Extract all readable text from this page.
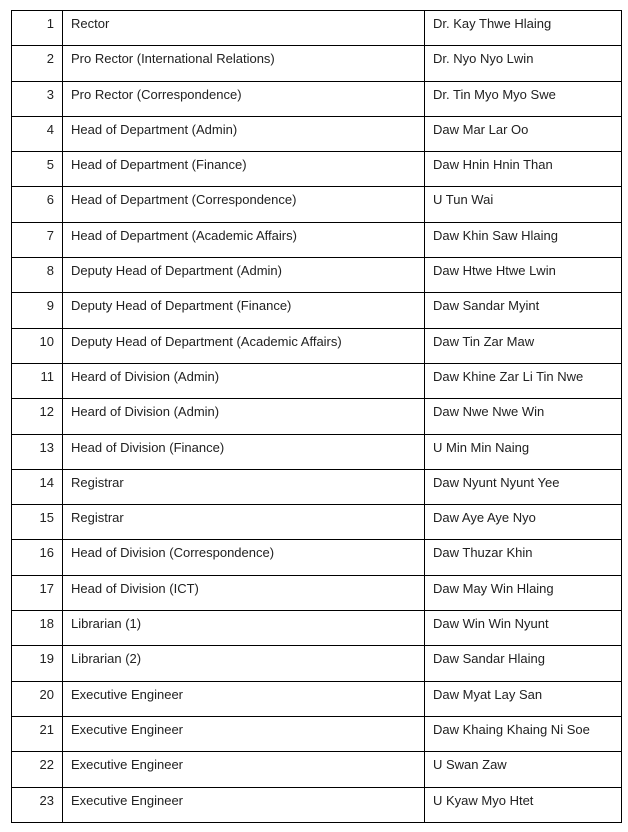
1	Rector	Dr. Kay Thwe Hlaing
2	Pro Rector (International Relations)	Dr. Nyo Nyo Lwin
3	Pro Rector (Correspondence)	Dr. Tin Myo Myo Swe
4	Head of Department (Admin)	Daw Mar Lar Oo
5	Head of Department (Finance)	Daw Hnin Hnin Than
6	Head of Department (Correspondence)	U Tun Wai
7	Head of Department (Academic Affairs)	Daw Khin Saw Hlaing
8	Deputy Head of Department (Admin)	Daw Htwe Htwe Lwin
9	Deputy Head of Department (Finance)	Daw Sandar Myint
10	Deputy Head of Department (Academic Affairs)	Daw Tin Zar Maw
11	Heard of Division (Admin)	Daw Khine Zar Li Tin Nwe
12	Heard of Division (Admin)	Daw Nwe Nwe Win
13	Head of Division (Finance)	U Min Min Naing
14	Registrar	Daw Nyunt Nyunt Yee
15	Registrar	Daw Aye Aye Nyo
16	Head of Division (Correspondence)	Daw Thuzar Khin
17	Head of Division (ICT)	Daw May Win Hlaing
18	Librarian (1)	Daw Win Win Nyunt
19	Librarian (2)	Daw Sandar Hlaing
20	Executive Engineer	Daw Myat Lay San
21	Executive Engineer	Daw Khaing Khaing Ni Soe
22	Executive Engineer	U Swan Zaw
23	Executive Engineer	U Kyaw Myo Htet
